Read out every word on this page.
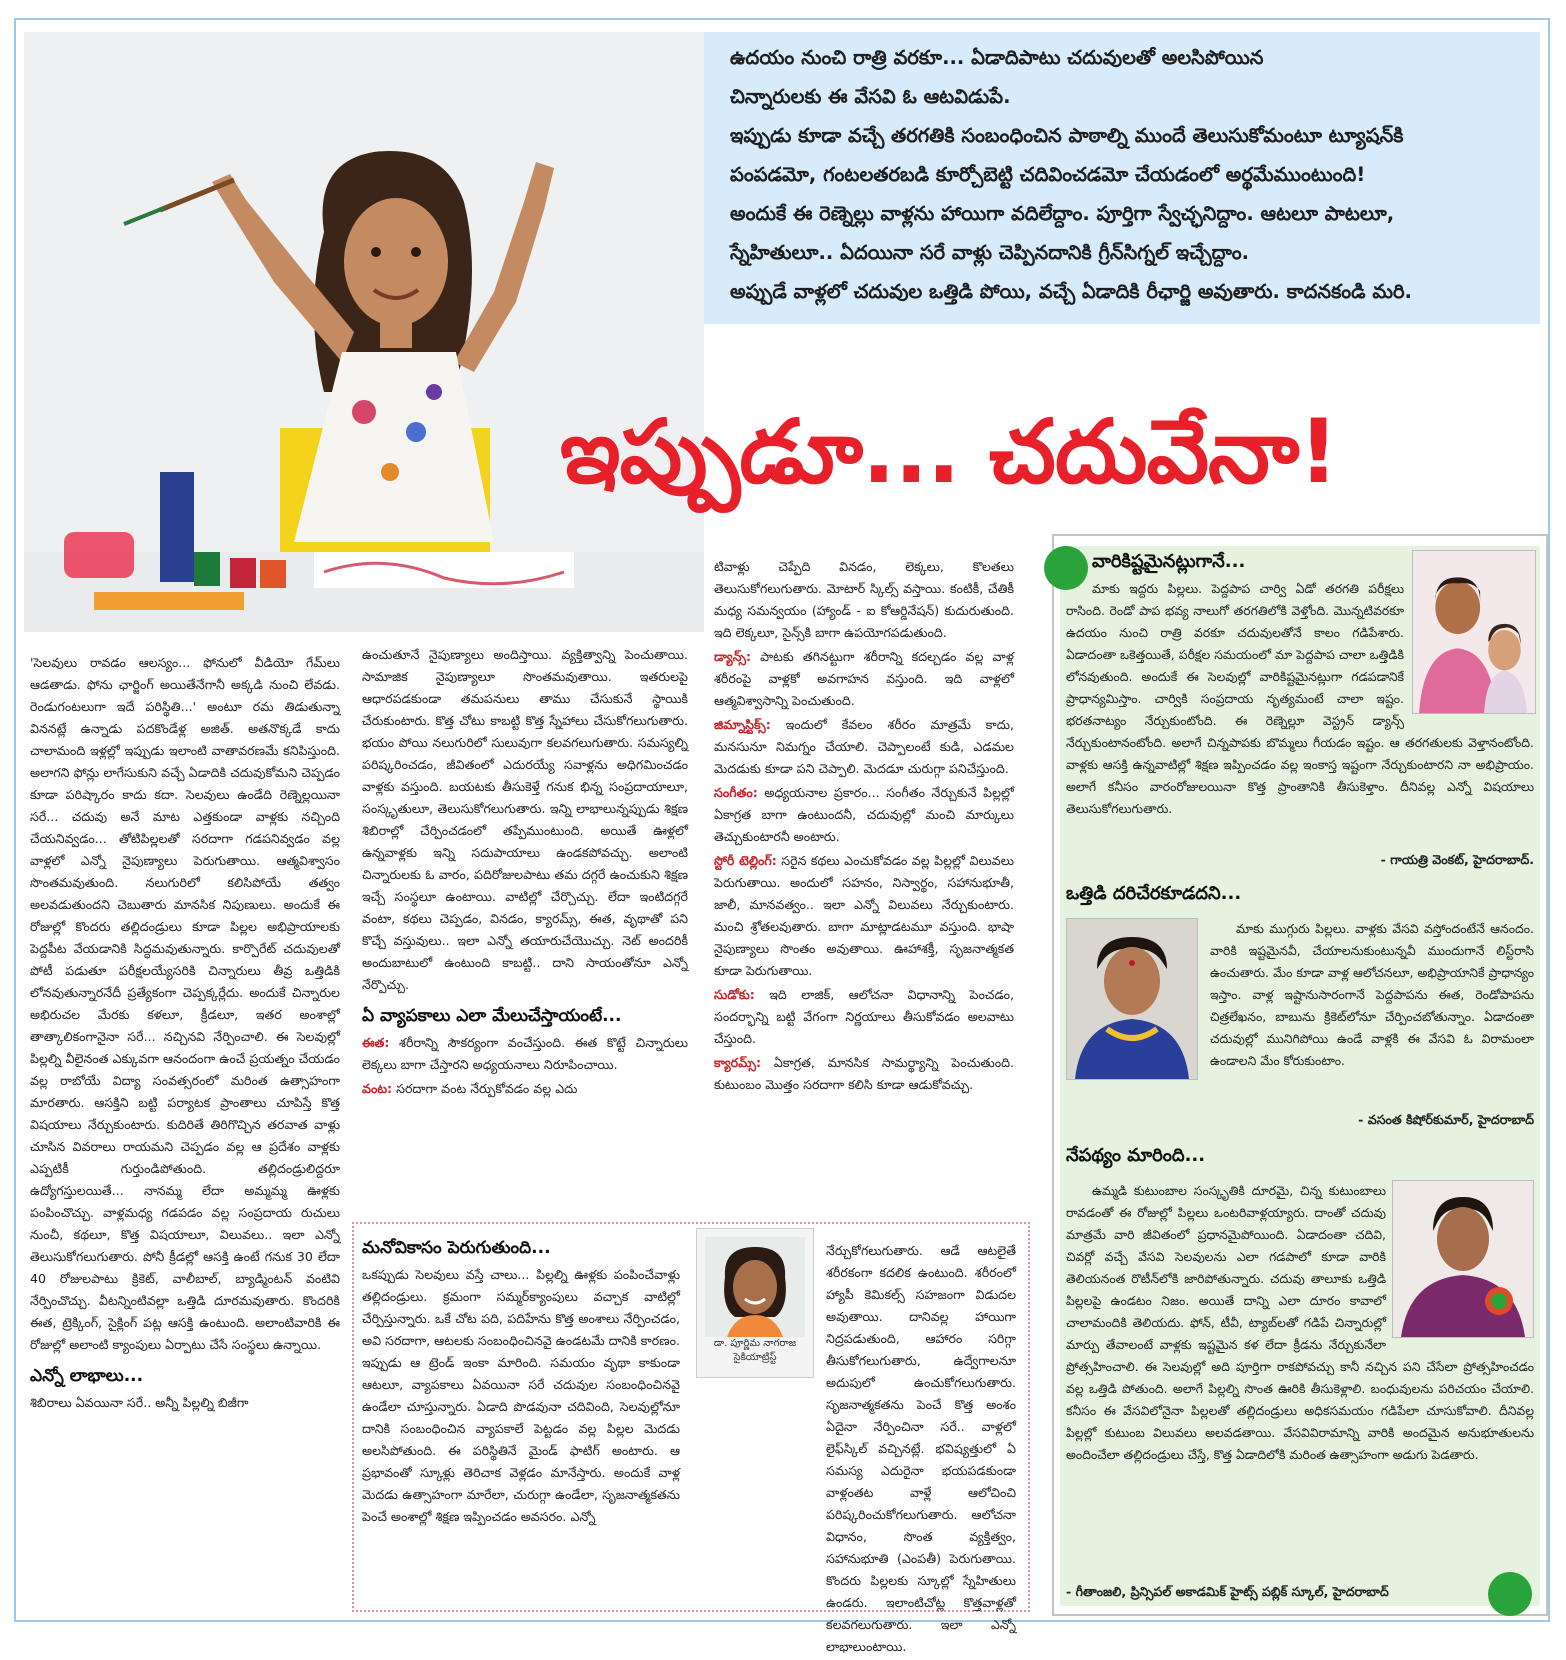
ఉదయం నుంచి రాత్రి వరకూ... ఏడాదిపాటు చదువులతో అలసిపోయిన

చిన్నారులకు ఈ వేసవి ఓ ఆటవిడుపే.

ఇప్పుడు కూడా వచ్చే తరగతికి సంబంధించిన పాఠాల్ని ముందే తెలుసుకోమంటూ ట్యూషన్‌కి

పంపడమో, గంటలతరబడి కూర్చోబెట్టి చదివించడమో చేయడంలో అర్థమేముంటుంది!

అందుకే ఈ రెణ్నెల్లు వాళ్లను హాయిగా వదిలేద్దాం. పూర్తిగా స్వేచ్ఛనిద్దాం. ఆటలూ పాటలూ,

స్నేహితులూ.. ఏదయినా సరే వాళ్లు చెప్పినదానికి గ్రీన్‌సిగ్నల్ ఇచ్చేద్దాం.

అప్పుడే వాళ్లలో చదువుల ఒత్తిడి పోయి, వచ్చే ఏడాదికి రీఛార్జి అవుతారు. కాదనకండి మరి.

ఇప్పుడూ... చదువేనా!

'సెలవులు రావడం ఆలస్యం... ఫోనులో వీడియో గేమ్‌లు ఆడతాడు. ఫోను ఛార్జింగ్ అయితేనేగానీ అక్కడి నుంచి లేవడు. రెండుగంటలుగా ఇదే పరిస్థితి...' అంటూ రమ తిడుతున్నా విననట్లే ఉన్నాడు పదకొండేళ్ల అజిత్. అతనొక్కడే కాదు చాలామంది ఇళ్లల్లో ఇప్పుడు ఇలాంటి వాతావరణమే కనిపిస్తుంది. అలాగని ఫోన్లు లాగేసుకుని వచ్చే ఏడాదికి చదువుకోమని చెప్పడం కూడా పరిష్కారం కాదు కదా. సెలవులు ఉండేది రెణ్నెల్లయినా సరే... చదువు అనే మాట ఎత్తకుండా వాళ్లకు నచ్చింది చేయనివ్వడం... తోటిపిల్లలతో సరదాగా గడపనివ్వడం వల్ల వాళ్లలో ఎన్నో నైపుణ్యాలు పెరుగుతాయి. ఆత్మవిశ్వాసం సొంతమవుతుంది. నలుగురిలో కలిసిపోయే తత్వం అలవడుతుందని చెబుతారు మానసిక నిపుణులు. అందుకే ఈ రోజుల్లో కొందరు తల్లిదండ్రులు కూడా పిల్లల అభిప్రాయాలకు పెద్దపీట వేయడానికి సిద్ధమవుతున్నారు. కార్పొరేట్ చదువులతో పోటీ పడుతూ పరీక్షలయ్యేసరికి చిన్నారులు తీవ్ర ఒత్తిడికి లోనవుతున్నారనేదీ ప్రత్యేకంగా చెప్పక్కర్లేదు. అందుకే చిన్నారుల అభిరుచల మేరకు కళలూ, క్రీడలూ, ఇతర అంశాల్లో తాత్కాలికంగానైనా సరే... నచ్చినవి నేర్పించాలి. ఈ సెలవుల్లో పిల్లల్ని వీలైనంత ఎక్కువగా ఆనందంగా ఉంచే ప్రయత్నం చేయడం వల్ల రాబోయే విద్యా సంవత్సరంలో మరింత ఉత్సాహంగా మారతారు. ఆసక్తిని బట్టి పర్యాటక ప్రాంతాలు చూపిస్తే కొత్త విషయాలు నేర్చుకుంటారు. కుదిరితే తిరిగొచ్చిన తరవాత వాళ్లు చూసిన వివరాలు రాయమని చెప్పడం వల్ల ఆ ప్రదేశం వాళ్లకు ఎప్పటికీ గుర్తుండిపోతుంది. తల్లిదండ్రులిద్దరూ ఉద్యోగస్తులయితే... నానమ్మ లేదా అమ్మమ్మ ఊళ్లకు పంపించొచ్చు. వాళ్లమధ్య గడపడం వల్ల సంప్రదాయ రుచులు నుంచీ, కథలూ, కొత్త విషయాలూ, విలువలు.. ఇలా ఎన్నో తెలుసుకోగలుగుతారు. పోనీ క్రీడల్లో ఆసక్తి ఉంటే గనుక 30 లేదా 40 రోజులపాటు క్రికెట్, వాలీబాల్, బ్యాడ్మింటన్ వంటివి నేర్పించొచ్చు. వీటన్నింటివల్లా ఒత్తిడి దూరమవుతారు. కొందరికి ఈత, ట్రెక్కింగ్, సైక్లింగ్ పట్ల ఆసక్తి ఉంటుంది. అలాంటివారికి ఈ రోజుల్లో అలాంటి క్యాంపులు ఏర్పాటు చేసే సంస్థలు ఉన్నాయి.

ఎన్నో లాభాలు...

శిబిరాలు ఏవయినా సరే.. అన్నీ పిల్లల్ని బిజీగా

ఉంచుతూనే నైపుణ్యాలు అందిస్తాయి. వ్యక్తిత్వాన్ని పెంచుతాయి. సామాజిక నైపుణ్యాలూ సొంతమవుతాయి. ఇతరులపై ఆధారపడకుండా తమపనులు తాము చేసుకునే స్థాయికి చేరుకుంటారు. కొత్త చోటు కాబట్టి కొత్త స్నేహాలు చేసుకోగలుగుతారు. భయం పోయి నలుగురిలో సులువుగా కలవగలుగుతారు. సమస్యల్ని పరిష్కరించడం, జీవితంలో ఎదురయ్యే సవాళ్లను అధిగమించడం వాళ్లకు వస్తుంది. బయటకు తీసుకెళ్తే గనుక భిన్న సంప్రదాయాలూ, సంస్కృతులూ, తెలుసుకోగలుగుతారు. ఇన్ని లాభాలున్నప్పుడు శిక్షణ శిబిరాల్లో చేర్పించడంలో తప్పేముంటుంది. అయితే ఊళ్లలో ఉన్నవాళ్లకు ఇన్ని సదుపాయాలు ఉండకపోవచ్చు. అలాంటి చిన్నారులకు ఓ వారం, పదిరోజులపాటు తమ దగ్గరే ఉంచుకుని శిక్షణ ఇచ్చే సంస్థలూ ఉంటాయి. వాటిల్లో చేర్చొచ్చు. లేదా ఇంటిదగ్గరే వంటా, కథలు చెప్పడం, వినడం, క్యారమ్స్, ఈత, వృథాతో పని కొచ్చే వస్తువులు.. ఇలా ఎన్నో తయారుచేయొచ్చు. నెట్ అందరికీ అందుబాటులో ఉంటుంది కాబట్టి.. దాని సాయంతోనూ ఎన్నో నేర్పొచ్చు.

ఏ వ్యాపకాలు ఎలా మేలుచేస్తాయంటే...

ఈత: శరీరాన్ని సౌకర్యంగా వంచేస్తుంది. ఈత కొట్టే చిన్నారులు లెక్కలు బాగా చేస్తారని అధ్యయనాలు నిరూపించాయి.

వంట: సరదాగా వంట నేర్పుకోవడం వల్ల ఎదు

టివాళ్లు చెప్పేది వినడం, లెక్కలు, కొలతలు తెలుసుకోగలుగుతారు. మోటార్ స్కిల్స్ వస్తాయి. కంటికీ, చేతికీ మధ్య సమన్వయం (హ్యాండ్ - ఐ కోఆర్డినేషన్) కుదురుతుంది. ఇది లెక్కలూ, సైన్స్‌కి బాగా ఉపయోగపడుతుంది.

డ్యాన్స్: పాటకు తగినట్టుగా శరీరాన్ని కదల్చడం వల్ల వాళ్ల శరీరంపై వాళ్లకో అవగాహన వస్తుంది. ఇది వాళ్లలో ఆత్మవిశ్వాసాన్ని పెంచుతుంది.

జిమ్నాస్టిక్స్: ఇందులో కేవలం శరీరం మాత్రమే కాదు, మనసునూ నిమగ్నం చేయాలి. చెప్పాలంటే కుడి, ఎడమల మెదడుకు కూడా పని చెప్పాలి. మెదడూ చురుగ్గా పనిచేస్తుంది.

సంగీతం: అధ్యయనాల ప్రకారం... సంగీతం నేర్చుకునే పిల్లల్లో ఏకాగ్రత బాగా ఉంటుందనీ, చదువుల్లో మంచి మార్కులు తెచ్చుకుంటారనీ అంటారు.

స్టోరీ టెల్లింగ్: సరైన కథలు ఎంచుకోవడం వల్ల పిల్లల్లో విలువలు పెరుగుతాయి. అందులో సహనం, నిస్వార్థం, సహానుభూతీ, జాలీ, మానవత్వం.. ఇలా ఎన్నో విలువలు నేర్చుకుంటారు. మంచి శ్రోతలవుతారు. బాగా మాట్లాడటమూ వస్తుంది. భాషా నైపుణ్యాలు సొంతం అవుతాయి. ఊహాశక్తీ, సృజనాత్మకత కూడా పెరుగుతాయి.

సుడోకు: ఇది లాజిక్, ఆలోచనా విధానాన్ని పెంచడం, సందర్భాన్ని బట్టి వేగంగా నిర్ణయాలు తీసుకోవడం అలవాటు చేస్తుంది.

క్యారమ్స్: ఏకాగ్రత, మానసిక సామర్థ్యాన్ని పెంచుతుంది. కుటుంబం మొత్తం సరదాగా కలిసి కూడా ఆడుకోవచ్చు.

మనోవికాసం పెరుగుతుంది...

ఒకప్పుడు సెలవులు వస్తే చాలు... పిల్లల్ని ఊళ్లకు పంపించేవాళ్లు తల్లిదండ్రులు. క్రమంగా సమ్మర్‌క్యాంపులు వచ్చాక వాటిల్లో చేర్పిస్తున్నారు. ఒకే చోట పది, పదిహేను కొత్త అంశాలు నేర్పించడం, అవి సరదాగా, ఆటలకు సంబంధించినవై ఉండటమే దానికి కారణం. ఇప్పుడు ఆ ట్రెండ్ ఇంకా మారింది. సమయం వృథా కాకుండా ఆటలూ, వ్యాపకాలు ఏవయినా సరే చదువుల సంబంధించినవై ఉండేలా చూస్తున్నారు. ఏడాది పొడవునా చదివింది, సెలవుల్లోనూ దానికి సంబంధించిన వ్యాపకాలే పెట్టడం వల్ల పిల్లల మెదడు అలసిపోతుంది. ఈ పరిస్థితినే మైండ్ ఫాటిగ్ అంటారు. ఆ ప్రభావంతో స్కూళ్లు తెరిచాక వెళ్లడం మానేస్తారు. అందుకే వాళ్ల మెదడు ఉత్సాహంగా మారేలా, చురుగ్గా ఉండేలా, సృజనాత్మకతను పెంచే అంశాల్లో శిక్షణ ఇప్పించడం అవసరం. ఎన్నో

డా. పూర్ణిమ నాగరాజ
సైకియాట్రిస్ట్

నేర్చుకోగలుగుతారు. ఆడే ఆటలైతే శరీరకంగా కదలిక ఉంటుంది. శరీరంలో హ్యాపీ కెమికల్స్ సహజంగా విడుదల అవుతాయి. దానివల్ల హాయిగా నిద్రపడుతుంది, ఆహారం సరిగ్గా తీసుకోగలుగుతారు, ఉద్వేగాలనూ అదుపులో ఉంచుకోగలుగుతారు. సృజనాత్మకతను పెంచే కొత్త అంశం ఏదైనా నేర్పించినా సరే.. వాళ్లలో లైఫ్‌స్కిల్ వచ్చినట్లే. భవిష్యత్తులో ఏ సమస్య ఎదురైనా భయపడకుండా వాళ్లంతట వాళ్లే ఆలోచించి పరిష్కరించుకోగలుగుతారు. ఆలోచనా విధానం, సొంత వ్యక్తిత్వం, సహానుభూతి (ఎంపతీ) పెరుగుతాయి. కొందరు పిల్లలకు స్కూల్లో స్నేహితులు ఉండరు. ఇలాంటిచోట్ల కొత్తవాళ్లతో కలవగలుగుతారు. ఇలా ఎన్నో లాభాలుంటాయి.

వారికిష్టమైనట్లుగానే...

మాకు ఇద్దరు పిల్లలు. పెద్దపాప చార్వి ఏడో తరగతి పరీక్షలు రాసింది. రెండో పాప భవ్య నాలుగో తరగతిలోకి వెళ్తోంది. మొన్నటివరకూ ఉదయం నుంచి రాత్రి వరకూ చదువులతోనే కాలం గడిపేశారు. ఏడాదంతా ఒకెత్తయితే, పరీక్షల సమయంలో మా పెద్దపాప చాలా ఒత్తిడికి లోనవుతుంది. అందుకే ఈ సెలవుల్లో వారికిష్టమైనట్లుగా గడపడానికే ప్రాధాన్యమిస్తాం. చార్వికి సంప్రదాయ నృత్యమంటే చాలా ఇష్టం. భరతనాట్యం నేర్చుకుంటోంది. ఈ రెణ్నెల్లూ వెస్ట్రన్ డ్యాన్స్ నేర్చుకుంటానంటోంది. అలాగే చిన్నపాపకు బొమ్మలు గీయడం ఇష్టం. ఆ తరగతులకు వెళ్తానంటోంది. వాళ్లకు ఆసక్తి ఉన్నవాటిల్లో శిక్షణ ఇప్పించడం వల్ల ఇంకాస్త ఇష్టంగా నేర్చుకుంటారని నా అభిప్రాయం. అలాగే కనీసం వారంరోజులయినా కొత్త ప్రాంతానికి తీసుకెళ్తాం. దీనివల్ల ఎన్నో విషయాలు తెలుసుకోగలుగుతారు.

- గాయత్రి వెంకట్, హైదరాబాద్.
ఒత్తిడి దరిచేరకూడదని...

మాకు ముగ్గురు పిల్లలు. వాళ్లకు వేసవి వస్తోందంటేనే ఆనందం. వారికి ఇష్టమైనవీ, చేయాలనుకుంటున్నవీ ముందుగానే లిస్ట్‌రాసి ఉంచుతారు. మేం కూడా వాళ్ల ఆలోచనలూ, అభిప్రాయానికే ప్రాధాన్యం ఇస్తాం. వాళ్ల ఇష్టానుసారంగానే పెద్దపాపను ఈత, రెండోపాపను చిత్రలేఖనం, బాబును క్రికెట్‌లోనూ చేర్పించబోతున్నాం. ఏడాదంతా చదువుల్లో మునిగిపోయి ఉండే వాళ్లకి ఈ వేసవి ఓ విరామంలా ఉండాలని మేం కోరుకుంటాం.

- వసంత కిషోర్‌కుమార్, హైదరాబాద్
నేపథ్యం మారింది...

ఉమ్మడి కుటుంబాల సంస్కృతికి దూరమై, చిన్న కుటుంబాలు రావడంతో ఈ రోజుల్లో పిల్లలు ఒంటరివాళ్లయ్యారు. దాంతో చదువు మాత్రమే వారి జీవితంలో ప్రధానమైపోయింది. ఏడాదంతా చదివి, చివర్లో వచ్చే వేసవి సెలవులను ఎలా గడపాలో కూడా వారికి తెలియనంత రొటీన్‌లోకి జారిపోతున్నారు. చదువు తాలూకు ఒత్తిడి పిల్లలపై ఉండటం నిజం. అయితే దాన్ని ఎలా దూరం కావాలో చాలామందికి తెలియదు. ఫోన్, టీవీ, ట్యాబ్‌లతో గడిపే చిన్నారుల్లో మార్పు తేవాలంటే వాళ్లకు ఇష్టమైన కళ లేదా క్రీడను నేర్చుకునేలా ప్రోత్సహించాలి. ఈ సెలవుల్లో అది పూర్తిగా రాకపోవచ్చు కానీ నచ్చిన పని చేసేలా ప్రోత్సహించడం వల్ల ఒత్తిడి పోతుంది. అలాగే పిల్లల్ని సొంత ఊరికి తీసుకెళ్లాలి. బంధువులను పరిచయం చేయాలి. కనీసం ఈ వేసవిలోనైనా పిల్లలతో తల్లిదండ్రులు అధికసమయం గడిపేలా చూసుకోవాలి. దీనివల్ల పిల్లల్లో కుటుంబ విలువలు అలవడతాయి. వేసవివిరామాన్ని వారికి అందమైన అనుభూతులను అందించేలా తల్లిదండ్రులు చేస్తే, కొత్త ఏడాదిలోకి మరింత ఉత్సాహంగా అడుగు పెడతారు.

- గీతాంజలి, ప్రిన్సిపల్ అకాడమిక్ హైట్స్ పబ్లిక్ స్కూల్, హైదరాబాద్
